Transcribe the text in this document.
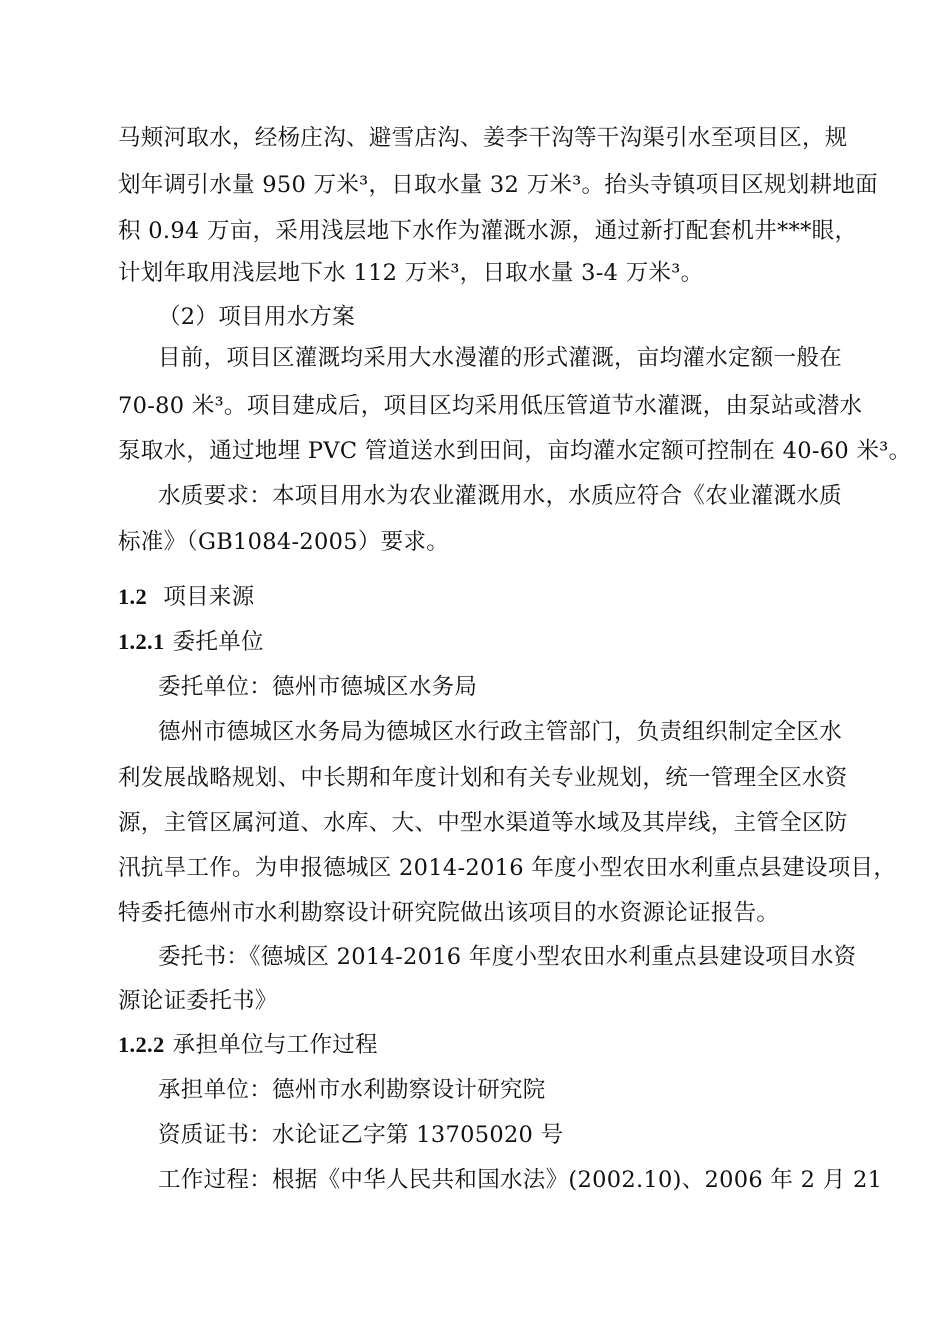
马颊河取水，经杨庄沟、避雪店沟、姜李干沟等干沟渠引水至项目区，规
划年调引水量 950 万米³，日取水量 32 万米³。抬头寺镇项目区规划耕地面
积 0.94 万亩，采用浅层地下水作为灌溉水源，通过新打配套机井***眼，
计划年取用浅层地下水 112 万米³，日取水量 3-4 万米³。
（2）项目用水方案
目前，项目区灌溉均采用大水漫灌的形式灌溉，亩均灌水定额一般在
70-80 米³。项目建成后，项目区均采用低压管道节水灌溉，由泵站或潜水
泵取水，通过地埋 PVC 管道送水到田间，亩均灌水定额可控制在 40-60 米³。
水质要求：本项目用水为农业灌溉用水，水质应符合《农业灌溉水质
标准》（GB1084-2005）要求。
1.2 项目来源
1.2.1 委托单位
委托单位：德州市德城区水务局
德州市德城区水务局为德城区水行政主管部门，负责组织制定全区水
利发展战略规划、中长期和年度计划和有关专业规划，统一管理全区水资
源，主管区属河道、水库、大、中型水渠道等水域及其岸线，主管全区防
汛抗旱工作。为申报德城区 2014-2016 年度小型农田水利重点县建设项目，
特委托德州市水利勘察设计研究院做出该项目的水资源论证报告。
委托书：《德城区 2014-2016 年度小型农田水利重点县建设项目水资
源论证委托书》
1.2.2 承担单位与工作过程
承担单位：德州市水利勘察设计研究院
资质证书：水论证乙字第 13705020 号
工作过程：根据《中华人民共和国水法》(2002.10)、2006 年 2 月 21
